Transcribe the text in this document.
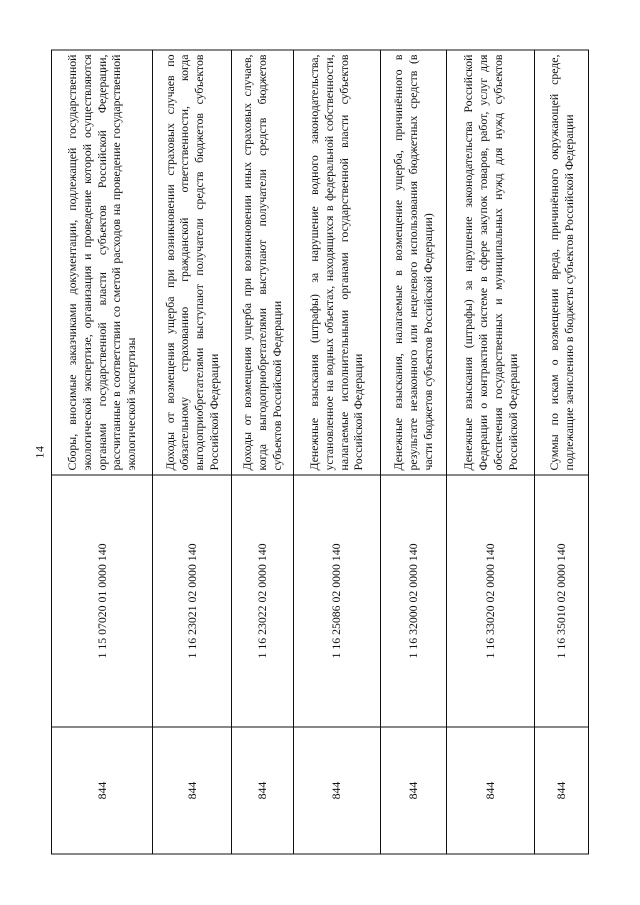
14
844	1 15 07020 01 0000 140	Сборы, вносимые заказчиками документации, подлежащей государственной экологической экспертизе, организация и проведение которой осуществляются органами государственной власти субъектов Российской Федерации, рассчитанные в соответствии со сметой расходов на проведение государственной экологической экспертизы
844	1 16 23021 02 0000 140	Доходы от возмещения ущерба при возникновении страховых случаев по обязательному страхованию гражданской ответственности, когда выгодоприобретателями выступают получатели средств бюджетов субъектов Российской Федерации
844	1 16 23022 02 0000 140	Доходы от возмещения ущерба при возникновении иных страховых случаев, когда выгодоприобретателями выступают получатели средств бюджетов субъектов Российской Федерации
844	1 16 25086 02 0000 140	Денежные взыскания (штрафы) за нарушение водного законодательства, установленное на водных объектах, находящихся в федеральной собственности, налагаемые исполнительными органами государственной власти субъектов Российской Федерации
844	1 16 32000 02 0000 140	Денежные взыскания, налагаемые в возмещение ущерба, причинённого в результате незаконного или нецелевого использования бюджетных средств (в части бюджетов субъектов Российской Федерации)
844	1 16 33020 02 0000 140	Денежные взыскания (штрафы) за нарушение законодательства Российской Федерации о контрактной системе в сфере закупок товаров, работ, услуг для обеспечения государственных и муниципальных нужд для нужд субъектов Российской Федерации
844	1 16 35010 02 0000 140	Суммы по искам о возмещении вреда, причинённого окружающей среде, подлежащие зачислению в бюджеты субъектов Российской Федерации
